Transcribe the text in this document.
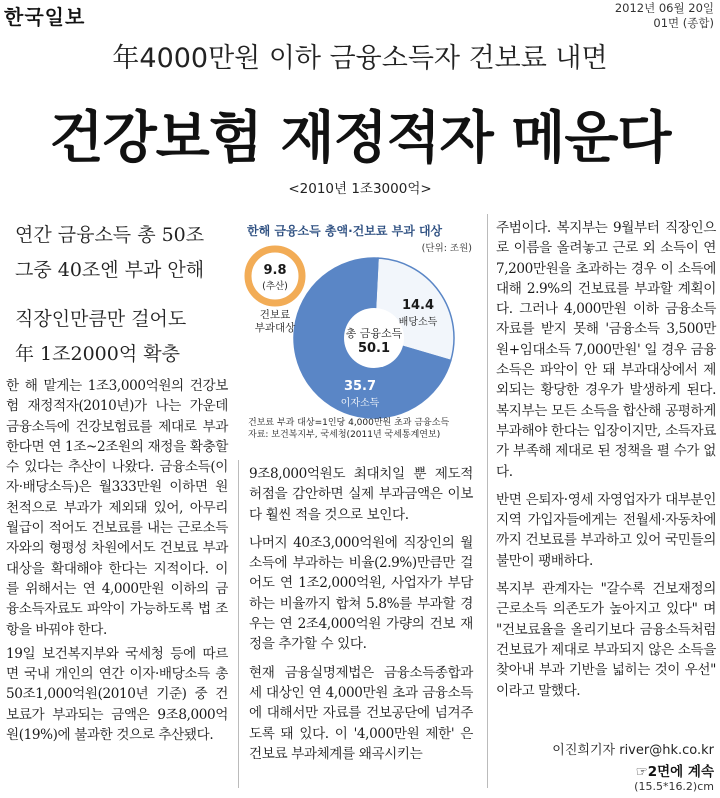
한국일보	2012년 06월 20일
01면 (종합)
年4000만원 이하 금융소득자 건보료 내면
건강보험 재정적자 메운다
<2010년 1조3000억>
연간 금융소득 총 50조
그중 40조엔 부과 안해
직장인만큼만 걸어도
年 1조2000억 확충
한해 금융소득 총액·건보료 부과 대상
(단위: 조원)
14.4
배당소득
총 금융소득
50.1
35.7
이자소득
9.8
(추산)
건보료
부과대상
건보료 부과 대상=1인당 4,000만원 초과 금융소득
자료: 보건복지부, 국세청(2011년 국세통계연보)

한 해 맡게는 1조3,000억원의 건강보험 재정적자(2010년)가 나는 가운데 금융소득에 건강보험료를 제대로 부과한다면 연 1조~2조원의 재정을 확충할 수 있다는 추산이 나왔다. 금융소득(이자·배당소득)은 월333만원 이하면 원천적으로 부과가 제외돼 있어, 아무리 월급이 적어도 건보료를 내는 근로소득자와의 형평성 차원에서도 건보료 부과 대상을 확대해야 한다는 지적이다. 이를 위해서는 연 4,000만원 이하의 금융소득자료도 파악이 가능하도록 법 조항을 바꿔야 한다.

19일 보건복지부와 국세청 등에 따르면 국내 개인의 연간 이자·배당소득 총 50조1,000억원(2010년 기준) 중 건보료가 부과되는 금액은 9조8,000억원(19%)에 불과한 것으로 추산됐다.

9조8,000억원도 최대치일 뿐 제도적 허점을 감안하면 실제 부과금액은 이보다 훨씬 적을 것으로 보인다.

나머지 40조3,000억원에 직장인의 월 소득에 부과하는 비율(2.9%)만큼만 걸어도 연 1조2,000억원, 사업자가 부담하는 비율까지 합쳐 5.8%를 부과할 경우는 연 2조4,000억원 가량의 건보 재정을 추가할 수 있다.

현재 금융실명제법은 금융소득종합과세 대상인 연 4,000만원 초과 금융소득에 대해서만 자료를 건보공단에 넘겨주도록 돼 있다. 이 '4,000만원 제한' 은 건보료 부과체계를 왜곡시키는

주범이다. 복지부는 9월부터 직장인으로 이름을 올려놓고 근로 외 소득이 연 7,200만원을 초과하는 경우 이 소득에 대해 2.9%의 건보료를 부과할 계획이다. 그러나 4,000만원 이하 금융소득 자료를 받지 못해 '금융소득 3,500만원+임대소득 7,000만원' 일 경우 금융소득은 파악이 안 돼 부과대상에서 제외되는 황당한 경우가 발생하게 된다. 복지부는 모든 소득을 합산해 공평하게 부과해야 한다는 입장이지만, 소득자료가 부족해 제대로 된 정책을 펼 수가 없다.

반면 은퇴자·영세 자영업자가 대부분인 지역 가입자들에게는 전월세·자동차에까지 건보료를 부과하고 있어 국민들의 불만이 팽배하다.

복지부 관계자는 "갈수록 건보재정의 근로소득 의존도가 높아지고 있다" 며 "건보료율을 올리기보다 금융소득처럼 건보료가 제대로 부과되지 않은 소득을 찾아내 부과 기반을 넓히는 것이 우선" 이라고 말했다.

이진희기자 river@hk.co.kr
☞2면에 계속
(15.5*16.2)cm
